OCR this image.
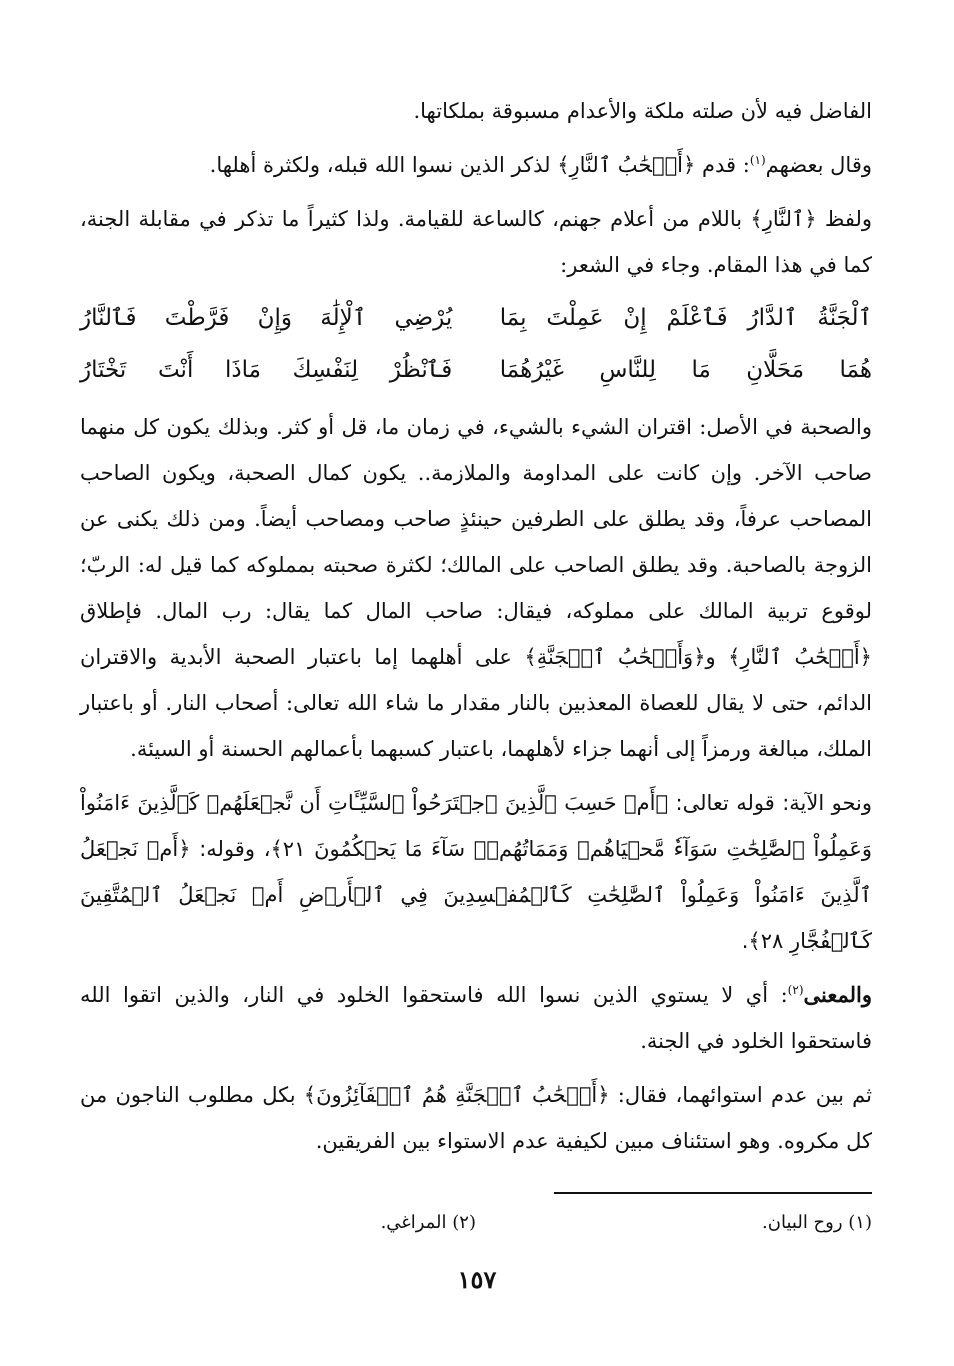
الفاضل فيه لأن صلته ملكة والأعدام مسبوقة بملكاتها.

وقال بعضهم$^{(١)}$: قدم ﴿أَصۡحَٰبُ ٱلنَّارِ﴾ لذكر الذين نسوا الله قبله، ولكثرة أهلها.

ولفظ ﴿ٱلنَّارِ﴾ باللام من أعلام جهنم، كالساعة للقيامة. ولذا كثيراً ما تذكر في مقابلة الجنة، كما في هذا المقام. وجاء في الشعر:

ٱلْجَنَّةُ ٱلدَّارُ فَٱعْلَمْ إِنْ عَمِلْتَ بِمَا
يُرْضِي ٱلْإِلَٰهَ وَإِنْ فَرَّطْتَ فَٱلنَّارُ
هُمَا مَحَلَّانِ مَا لِلنَّاسِ غَيْرُهُمَا
فَٱنْظُرْ لِنَفْسِكَ مَاذَا أَنْتَ تَخْتَارُ

والصحبة في الأصل: اقتران الشيء بالشيء، في زمان ما، قل أو كثر. وبذلك يكون كل منهما صاحب الآخر. وإن كانت على المداومة والملازمة.. يكون كمال الصحبة، ويكون الصاحب المصاحب عرفاً، وقد يطلق على الطرفين حينئذٍ صاحب ومصاحب أيضاً. ومن ذلك يكنى عن الزوجة بالصاحبة. وقد يطلق الصاحب على المالك؛ لكثرة صحبته بمملوكه كما قيل له: الربّ؛ لوقوع تربية المالك على مملوكه، فيقال: صاحب المال كما يقال: رب المال. فإطلاق ﴿أَصۡحَٰبُ ٱلنَّارِ﴾ و﴿وَأَصۡحَٰبُ ٱلۡجَنَّةِ﴾ على أهلهما إما باعتبار الصحبة الأبدية والاقتران الدائم، حتى لا يقال للعصاة المعذبين بالنار مقدار ما شاء الله تعالى: أصحاب النار. أو باعتبار الملك، مبالغة ورمزاً إلى أنهما جزاء لأهلهما، باعتبار كسبهما بأعمالهم الحسنة أو السيئة.

ونحو الآية: قوله تعالى: ﴿أَمۡ حَسِبَ ٱلَّذِينَ ٱجۡتَرَحُواْ ٱلسَّيِّـَٔاتِ أَن نَّجۡعَلَهُمۡ كَٱلَّذِينَ ءَامَنُواْ وَعَمِلُواْ ٱلصَّٰلِحَٰتِ سَوَآءٗ مَّحۡيَاهُمۡ وَمَمَاتُهُمۡۚ سَآءَ مَا يَحۡكُمُونَ ٢١﴾، وقوله: ﴿أَمۡ نَجۡعَلُ ٱلَّذِينَ ءَامَنُواْ وَعَمِلُواْ ٱلصَّٰلِحَٰتِ كَٱلۡمُفۡسِدِينَ فِي ٱلۡأَرۡضِ أَمۡ نَجۡعَلُ ٱلۡمُتَّقِينَ كَٱلۡفُجَّارِ ٢٨﴾.

والمعنى$^{(٢)}$: أي لا يستوي الذين نسوا الله فاستحقوا الخلود في النار، والذين اتقوا الله فاستحقوا الخلود في الجنة.

ثم بين عدم استوائهما، فقال: ﴿أَصۡحَٰبُ ٱلۡجَنَّةِ هُمُ ٱلۡفَآئِزُونَ﴾ بكل مطلوب الناجون من كل مكروه. وهو استئناف مبين لكيفية عدم الاستواء بين الفريقين.

(١) روح البيان.
(٢) المراغي.
١٥٧
